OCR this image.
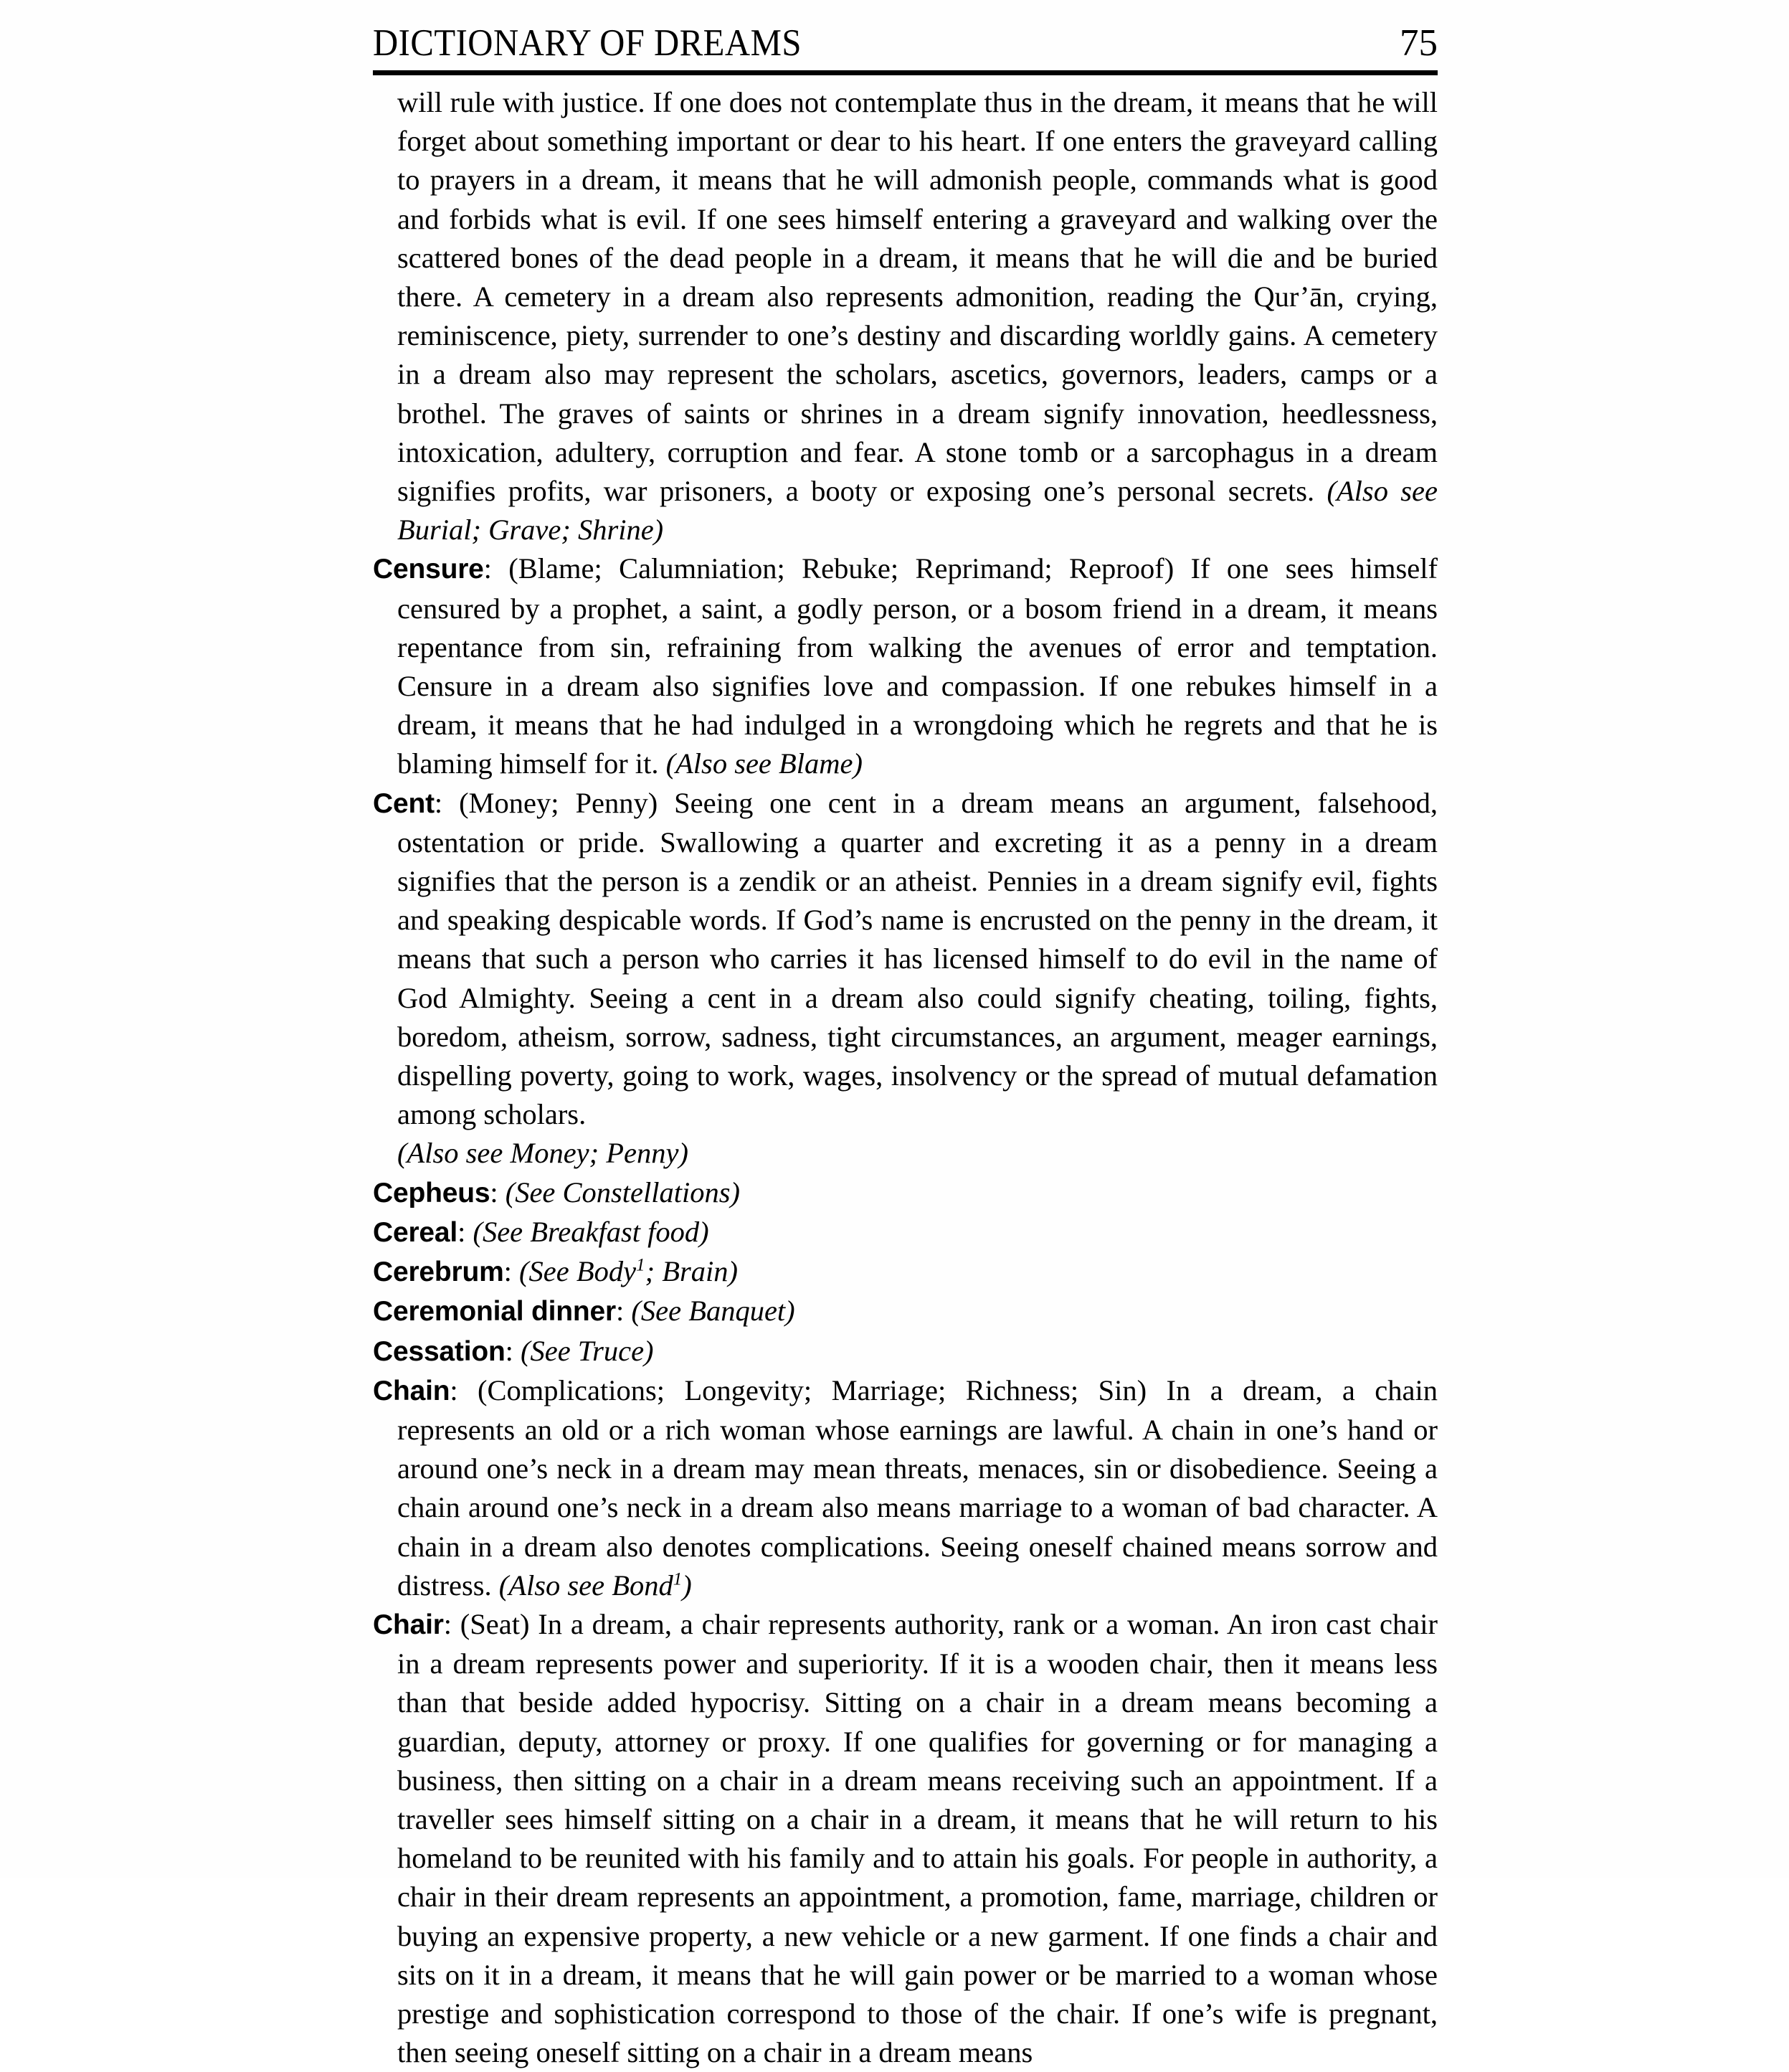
DICTIONARY OF DREAMS	75

will rule with justice. If one does not contemplate thus in the dream, it means that he will forget about something important or dear to his heart. If one enters the graveyard calling to prayers in a dream, it means that he will admonish people, commands what is good and forbids what is evil. If one sees himself entering a graveyard and walking over the scattered bones of the dead people in a dream, it means that he will die and be buried there. A cemetery in a dream also represents admonition, reading the Qur’ān, crying, reminiscence, piety, surrender to one’s destiny and discarding worldly gains. A cemetery in a dream also may represent the scholars, ascetics, governors, leaders, camps or a brothel. The graves of saints or shrines in a dream signify innovation, heedlessness, intoxication, adultery, corruption and fear. A stone tomb or a sarcophagus in a dream signifies profits, war prisoners, a booty or exposing one’s personal secrets. (Also see Burial; Grave; Shrine)

Censure: (Blame; Calumniation; Rebuke; Reprimand; Reproof) If one sees himself censured by a prophet, a saint, a godly person, or a bosom friend in a dream, it means repentance from sin, refraining from walking the avenues of error and temptation. Censure in a dream also signifies love and compassion. If one rebukes himself in a dream, it means that he had indulged in a wrongdoing which he regrets and that he is blaming himself for it. (Also see Blame)

Cent: (Money; Penny) Seeing one cent in a dream means an argument, falsehood, ostentation or pride. Swallowing a quarter and excreting it as a penny in a dream signifies that the person is a zendik or an atheist. Pennies in a dream signify evil, fights and speaking despicable words. If God’s name is encrusted on the penny in the dream, it means that such a person who carries it has licensed himself to do evil in the name of God Almighty. Seeing a cent in a dream also could signify cheating, toiling, fights, boredom, atheism, sorrow, sadness, tight circumstances, an argument, meager earnings, dispelling poverty, going to work, wages, insolvency or the spread of mutual defamation among scholars.

(Also see Money; Penny)

Cepheus: (See Constellations)

Cereal: (See Breakfast food)

Cerebrum: (See Body$^1$; Brain)

Ceremonial dinner: (See Banquet)

Cessation: (See Truce)

Chain: (Complications; Longevity; Marriage; Richness; Sin) In a dream, a chain represents an old or a rich woman whose earnings are lawful. A chain in one’s hand or around one’s neck in a dream may mean threats, menaces, sin or disobedience. Seeing a chain around one’s neck in a dream also means marriage to a woman of bad character. A chain in a dream also denotes complications. Seeing oneself chained means sorrow and distress. (Also see Bond$^1$)

Chair: (Seat) In a dream, a chair represents authority, rank or a woman. An iron cast chair in a dream represents power and superiority. If it is a wooden chair, then it means less than that beside added hypocrisy. Sitting on a chair in a dream means becoming a guardian, deputy, attorney or proxy. If one qualifies for governing or for managing a business, then sitting on a chair in a dream means receiving such an appointment. If a traveller sees himself sitting on a chair in a dream, it means that he will return to his homeland to be reunited with his family and to attain his goals. For people in authority, a chair in their dream represents an appointment, a promotion, fame, marriage, children or buying an expensive property, a new vehicle or a new garment. If one finds a chair and sits on it in a dream, it means that he will gain power or be married to a woman whose prestige and sophistication correspond to those of the chair. If one’s wife is pregnant, then seeing oneself sitting on a chair in a dream means
